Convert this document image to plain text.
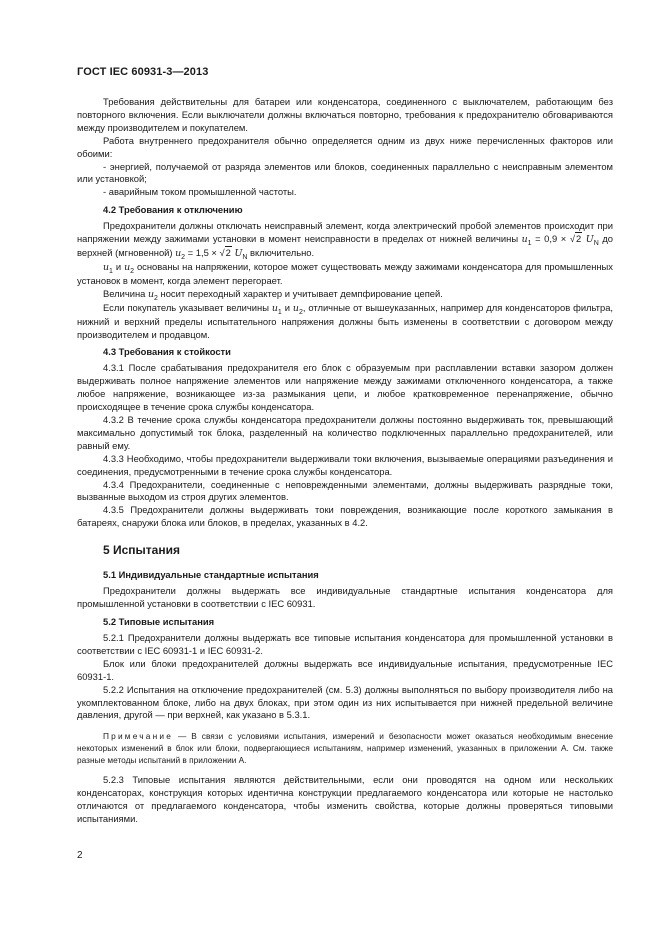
ГОСТ IEC 60931-3—2013

Требования действительны для батареи или конденсатора, соединенного с выключателем, работающим без повторного включения. Если выключатели должны включаться повторно, требования к предохранителю обговариваются между производителем и покупателем.

Работа внутреннего предохранителя обычно определяется одним из двух ниже перечисленных факторов или обоими:

- энергией, получаемой от разряда элементов или блоков, соединенных параллельно с неисправным элементом или установкой;

- аварийным током промышленной частоты.

4.2 Требования к отключению

Предохранители должны отключать неисправный элемент, когда электрический пробой элементов происходит при напряжении между зажимами установки в момент неисправности в пределах от нижней величины $u_1 = 0,9 \times √2$ $U_N$ до верхней (мгновенной) $u_2 = 1,5 \times √2$ $U_N$ включительно.

$u_1$ и $u_2$ основаны на напряжении, которое может существовать между зажимами конденсатора для промышленных установок в момент, когда элемент перегорает.

Величина $u_2$ носит переходный характер и учитывает демпфирование цепей.

Если покупатель указывает величины $u_1$ и $u_2$, отличные от вышеуказанных, например для конденсаторов фильтра, нижний и верхний пределы испытательного напряжения должны быть изменены в соответствии с договором между производителем и продавцом.

4.3 Требования к стойкости

4.3.1 После срабатывания предохранителя его блок с образуемым при расплавлении вставки зазором должен выдерживать полное напряжение элементов или напряжение между зажимами отключенного конденсатора, а также любое напряжение, возникающее из-за размыкания цепи, и любое кратковременное перенапряжение, обычно происходящее в течение срока службы конденсатора.

4.3.2 В течение срока службы конденсатора предохранители должны постоянно выдерживать ток, превышающий максимально допустимый ток блока, разделенный на количество подключенных параллельно предохранителей, или равный ему.

4.3.3 Необходимо, чтобы предохранители выдерживали токи включения, вызываемые операциями разъединения и соединения, предусмотренными в течение срока службы конденсатора.

4.3.4 Предохранители, соединенные с неповрежденными элементами, должны выдерживать разрядные токи, вызванные выходом из строя других элементов.

4.3.5 Предохранители должны выдерживать токи повреждения, возникающие после короткого замыкания в батареях, снаружи блока или блоков, в пределах, указанных в 4.2.

5 Испытания
5.1 Индивидуальные стандартные испытания

Предохранители должны выдержать все индивидуальные стандартные испытания конденсатора для промышленной установки в соответствии с IEC 60931.

5.2 Типовые испытания

5.2.1 Предохранители должны выдержать все типовые испытания конденсатора для промышленной установки в соответствии с IEC 60931-1 и IEC 60931-2.

Блок или блоки предохранителей должны выдержать все индивидуальные испытания, предусмотренные IEC 60931-1.

5.2.2 Испытания на отключение предохранителей (см. 5.3) должны выполняться по выбору производителя либо на укомплектованном блоке, либо на двух блоках, при этом один из них испытывается при нижней предельной величине давления, другой — при верхней, как указано в 5.3.1.

Примечание — В связи с условиями испытания, измерений и безопасности может оказаться необходимым внесение некоторых изменений в блок или блоки, подвергающиеся испытаниям, например изменений, указанных в приложении А. См. также разные методы испытаний в приложении А.

5.2.3 Типовые испытания являются действительными, если они проводятся на одном или нескольких конденсаторах, конструкция которых идентична конструкции предлагаемого конденсатора или которые не настолько отличаются от предлагаемого конденсатора, чтобы изменить свойства, которые должны проверяться типовыми испытаниями.

2
